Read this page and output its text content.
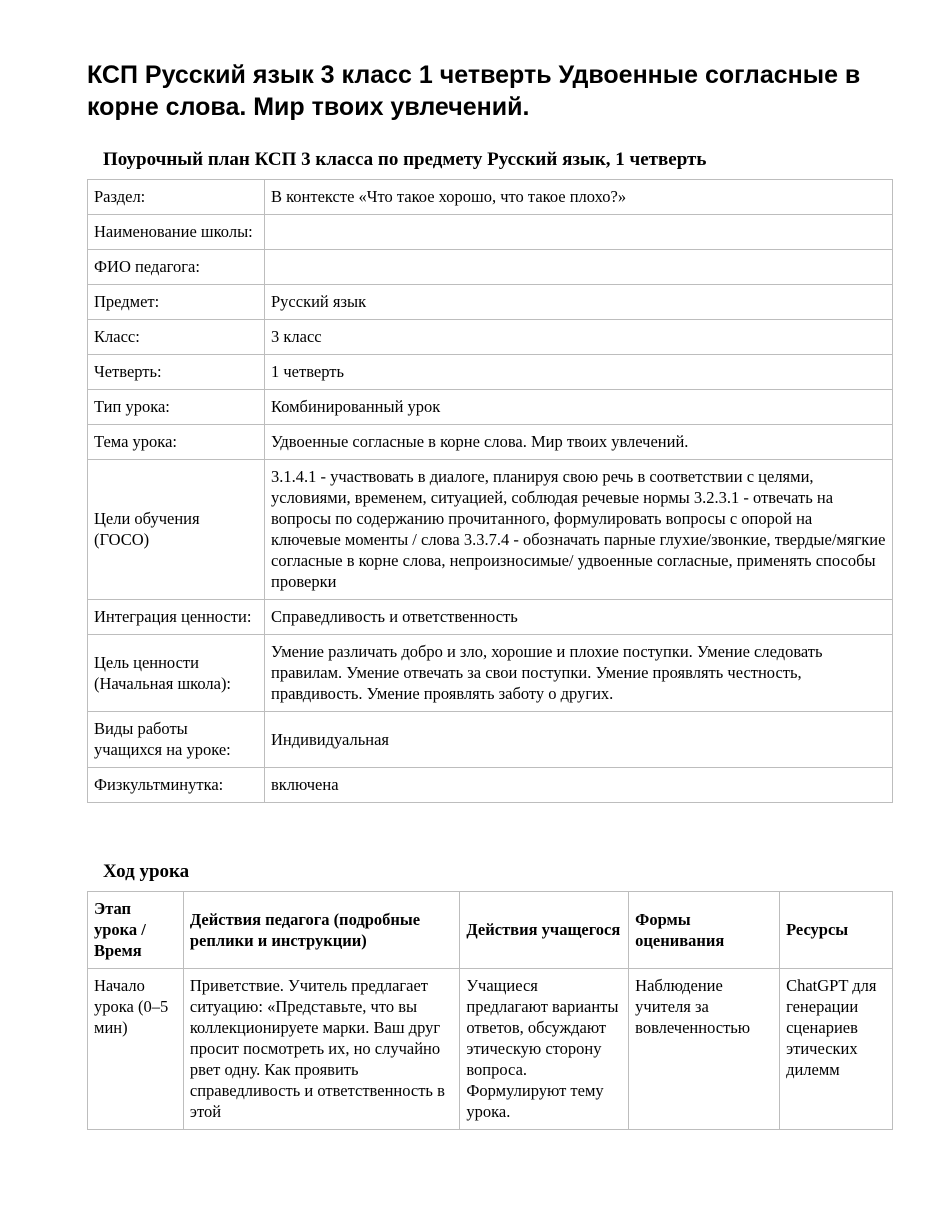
КСП Русский язык 3 класс 1 четверть Удвоенные согласные в корне слова. Мир твоих увлечений.
Поурочный план КСП 3 класса по предмету Русский язык, 1 четверть
Раздел:	В контексте «Что такое хорошо, что такое плохо?»
Наименование школы:	
ФИО педагога:	
Предмет:	Русский язык
Класс:	3 класс
Четверть:	1 четверть
Тип урока:	Комбинированный урок
Тема урока:	Удвоенные согласные в корне слова. Мир твоих увлечений.
Цели обучения (ГОСО)	3.1.4.1 - участвовать в диалоге, планируя свою речь в соответствии с целями, условиями, временем, ситуацией, соблюдая речевые нормы 3.2.3.1 - отвечать на вопросы по содержанию прочитанного, формулировать вопросы с опорой на ключевые моменты / слова 3.3.7.4 - обозначать парные глухие/звонкие, твердые/мягкие согласные в корне слова, непроизносимые/ удвоенные согласные, применять способы проверки
Интеграция ценности:	Справедливость и ответственность
Цель ценности (Начальная школа):	Умение различать добро и зло, хорошие и плохие поступки. Умение следовать правилам. Умение отвечать за свои поступки. Умение проявлять честность, правдивость. Умение проявлять заботу о других.
Виды работы учащихся на уроке:	Индивидуальная
Физкультминутка:	включена
Ход урока
Этап урока / Время	Действия педагога (подробные реплики и инструкции)	Действия учащегося	Формы оценивания	Ресурсы
Начало урока (0–5 мин)	Приветствие. Учитель предлагает ситуацию: «Представьте, что вы коллекционируете марки. Ваш друг просит посмотреть их, но случайно рвет одну. Как проявить справедливость и ответственность в этой	Учащиеся предлагают варианты ответов, обсуждают этическую сторону вопроса. Формулируют тему урока.	Наблюдение учителя за вовлеченностью	ChatGPT для генерации сценариев этических дилемм
